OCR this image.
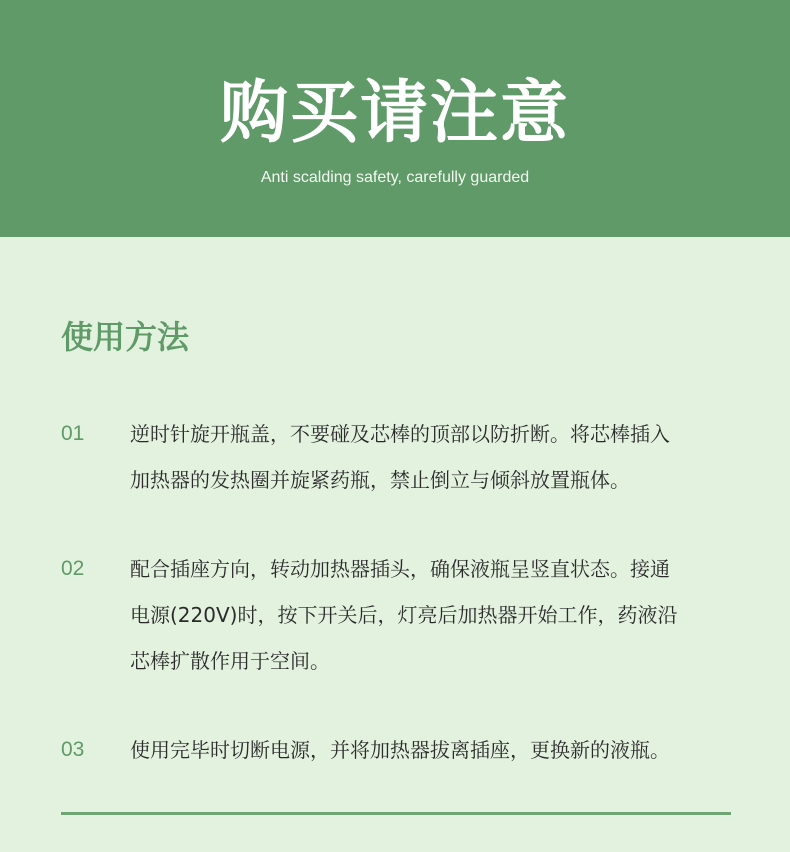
购买请注意
Anti scalding safety, carefully guarded
使用方法
01 逆时针旋开瓶盖，不要碰及芯棒的顶部以防折断。将芯棒插入
加热器的发热圈并旋紧药瓶，禁止倒立与倾斜放置瓶体。
02 配合插座方向，转动加热器插头，确保液瓶呈竖直状态。接通
电源(220V)时，按下开关后，灯亮后加热器开始工作，药液沿
芯棒扩散作用于空间。
03 使用完毕时切断电源，并将加热器拔离插座，更换新的液瓶。
